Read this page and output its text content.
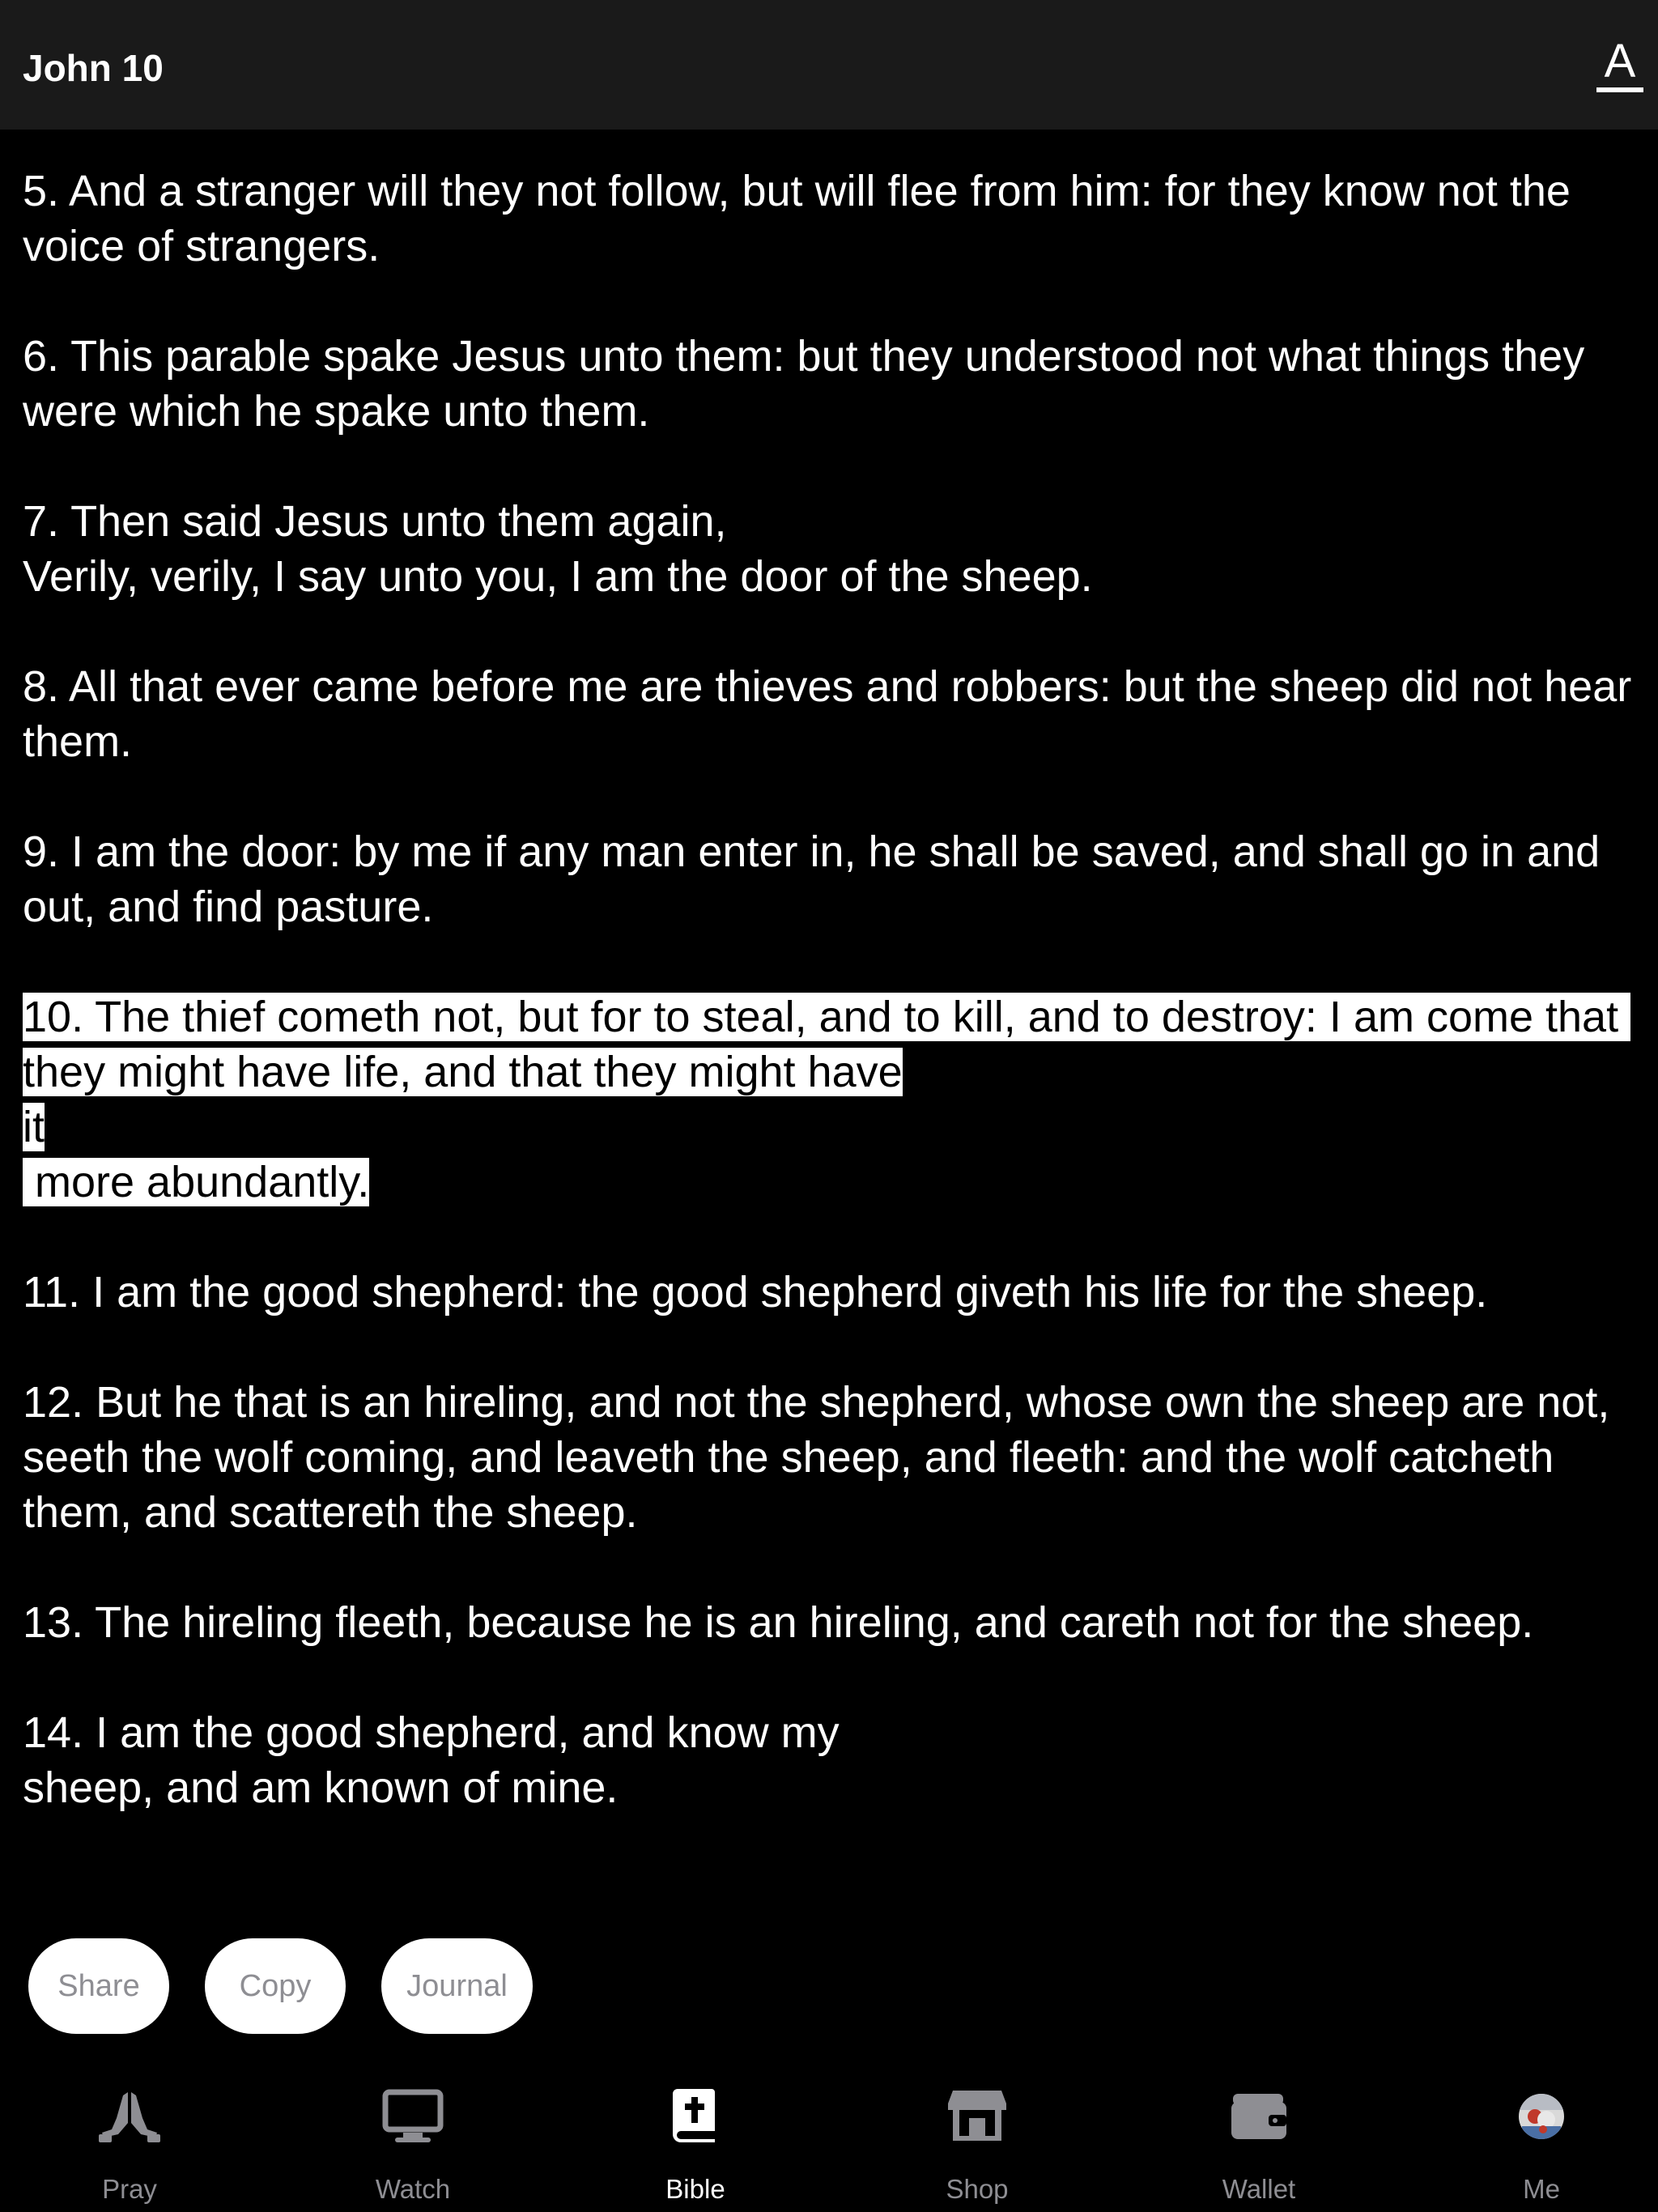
John 10	A
5. And a stranger will they not follow, but will flee from him: for they know not the voice of strangers.
6. This parable spake Jesus unto them: but they understood not what things they were which he spake unto them.
7. Then said Jesus unto them again,
Verily, verily, I say unto you, I am the door of the sheep.
8. All that ever came before me are thieves and robbers: but the sheep did not hear them.
9. I am the door: by me if any man enter in, he shall be saved, and shall go in and out, and find pasture.
10. The thief cometh not, but for to steal, and to kill, and to destroy: I am come that they might have life, and that they might have
it
more abundantly.
11. I am the good shepherd: the good shepherd giveth his life for the sheep.
12. But he that is an hireling, and not the shepherd, whose own the sheep are not, seeth the wolf coming, and leaveth the sheep, and fleeth: and the wolf catcheth them, and scattereth the sheep.
13. The hireling fleeth, because he is an hireling, and careth not for the sheep.
14. I am the good shepherd, and know my
sheep, and am known of mine.
Share	Copy	Journal
Pray	Watch	Bible	Shop	Wallet	Me
